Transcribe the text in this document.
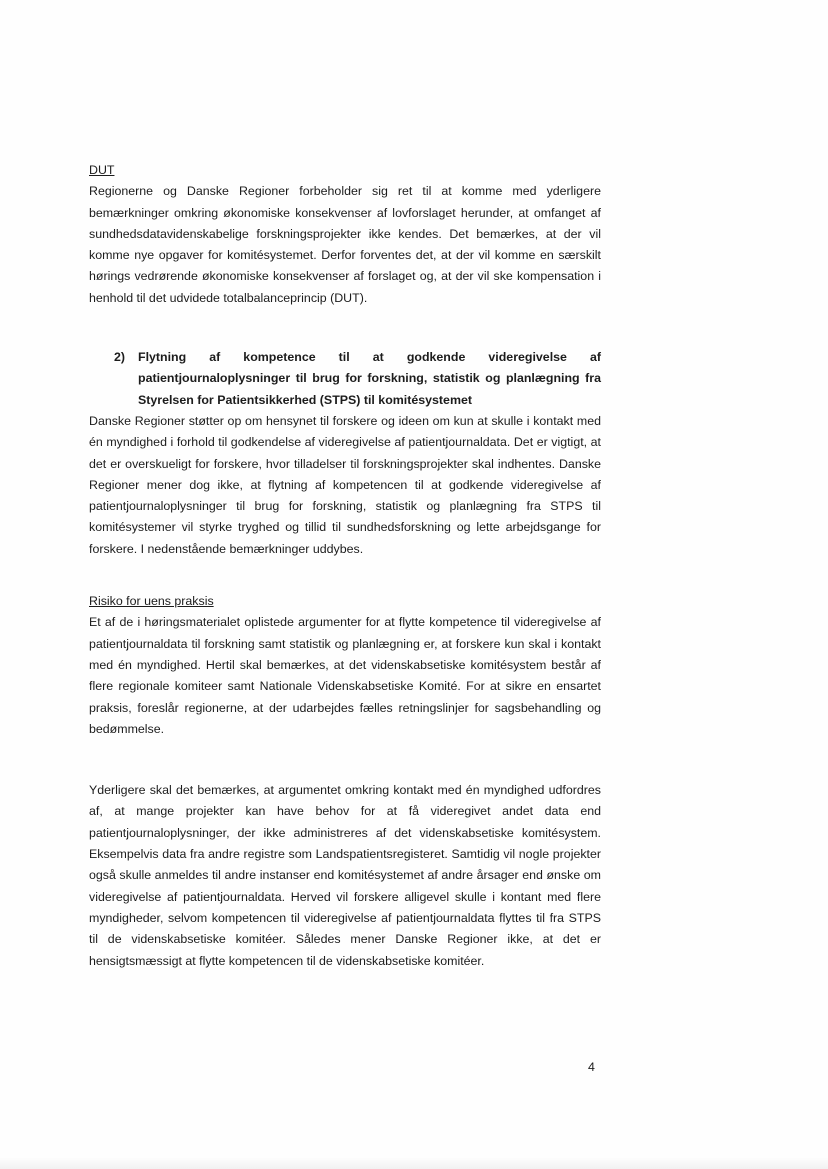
DUT

Regionerne og Danske Regioner forbeholder sig ret til at komme med yderligere bemærkninger omkring økonomiske konsekvenser af lovforslaget herunder, at omfanget af sundhedsdatavidenskabelige forskningsprojekter ikke kendes. Det bemærkes, at der vil komme nye opgaver for komitésystemet. Derfor forventes det, at der vil komme en særskilt hørings vedrørende økonomiske konsekvenser af forslaget og, at der vil ske kompensation i henhold til det udvidede totalbalanceprincip (DUT).

2) Flytning af kompetence til at godkende videregivelse af patientjournaloplysninger til brug for forskning, statistik og planlægning fra Styrelsen for Patientsikkerhed (STPS) til komitésystemet

Danske Regioner støtter op om hensynet til forskere og ideen om kun at skulle i kontakt med én myndighed i forhold til godkendelse af videregivelse af patientjournaldata. Det er vigtigt, at det er overskueligt for forskere, hvor tilladelser til forskningsprojekter skal indhentes. Danske Regioner mener dog ikke, at flytning af kompetencen til at godkende videregivelse af patientjournaloplysninger til brug for forskning, statistik og planlægning fra STPS til komitésystemer vil styrke tryghed og tillid til sundhedsforskning og lette arbejdsgange for forskere. I nedenstående bemærkninger uddybes.

Risiko for uens praksis

Et af de i høringsmaterialet oplistede argumenter for at flytte kompetence til videregivelse af patientjournaldata til forskning samt statistik og planlægning er, at forskere kun skal i kontakt med én myndighed. Hertil skal bemærkes, at det videnskabsetiske komitésystem består af flere regionale komiteer samt Nationale Videnskabsetiske Komité. For at sikre en ensartet praksis, foreslår regionerne, at der udarbejdes fælles retningslinjer for sagsbehandling og bedømmelse.

Yderligere skal det bemærkes, at argumentet omkring kontakt med én myndighed udfordres af, at mange projekter kan have behov for at få videregivet andet data end patientjournaloplysninger, der ikke administreres af det videnskabsetiske komitésystem. Eksempelvis data fra andre registre som Landspatientsregisteret. Samtidig vil nogle projekter også skulle anmeldes til andre instanser end komitésystemet af andre årsager end ønske om videregivelse af patientjournaldata. Herved vil forskere alligevel skulle i kontant med flere myndigheder, selvom kompetencen til videregivelse af patientjournaldata flyttes til fra STPS til de videnskabsetiske komitéer. Således mener Danske Regioner ikke, at det er hensigtsmæssigt at flytte kompetencen til de videnskabsetiske komitéer.

4
